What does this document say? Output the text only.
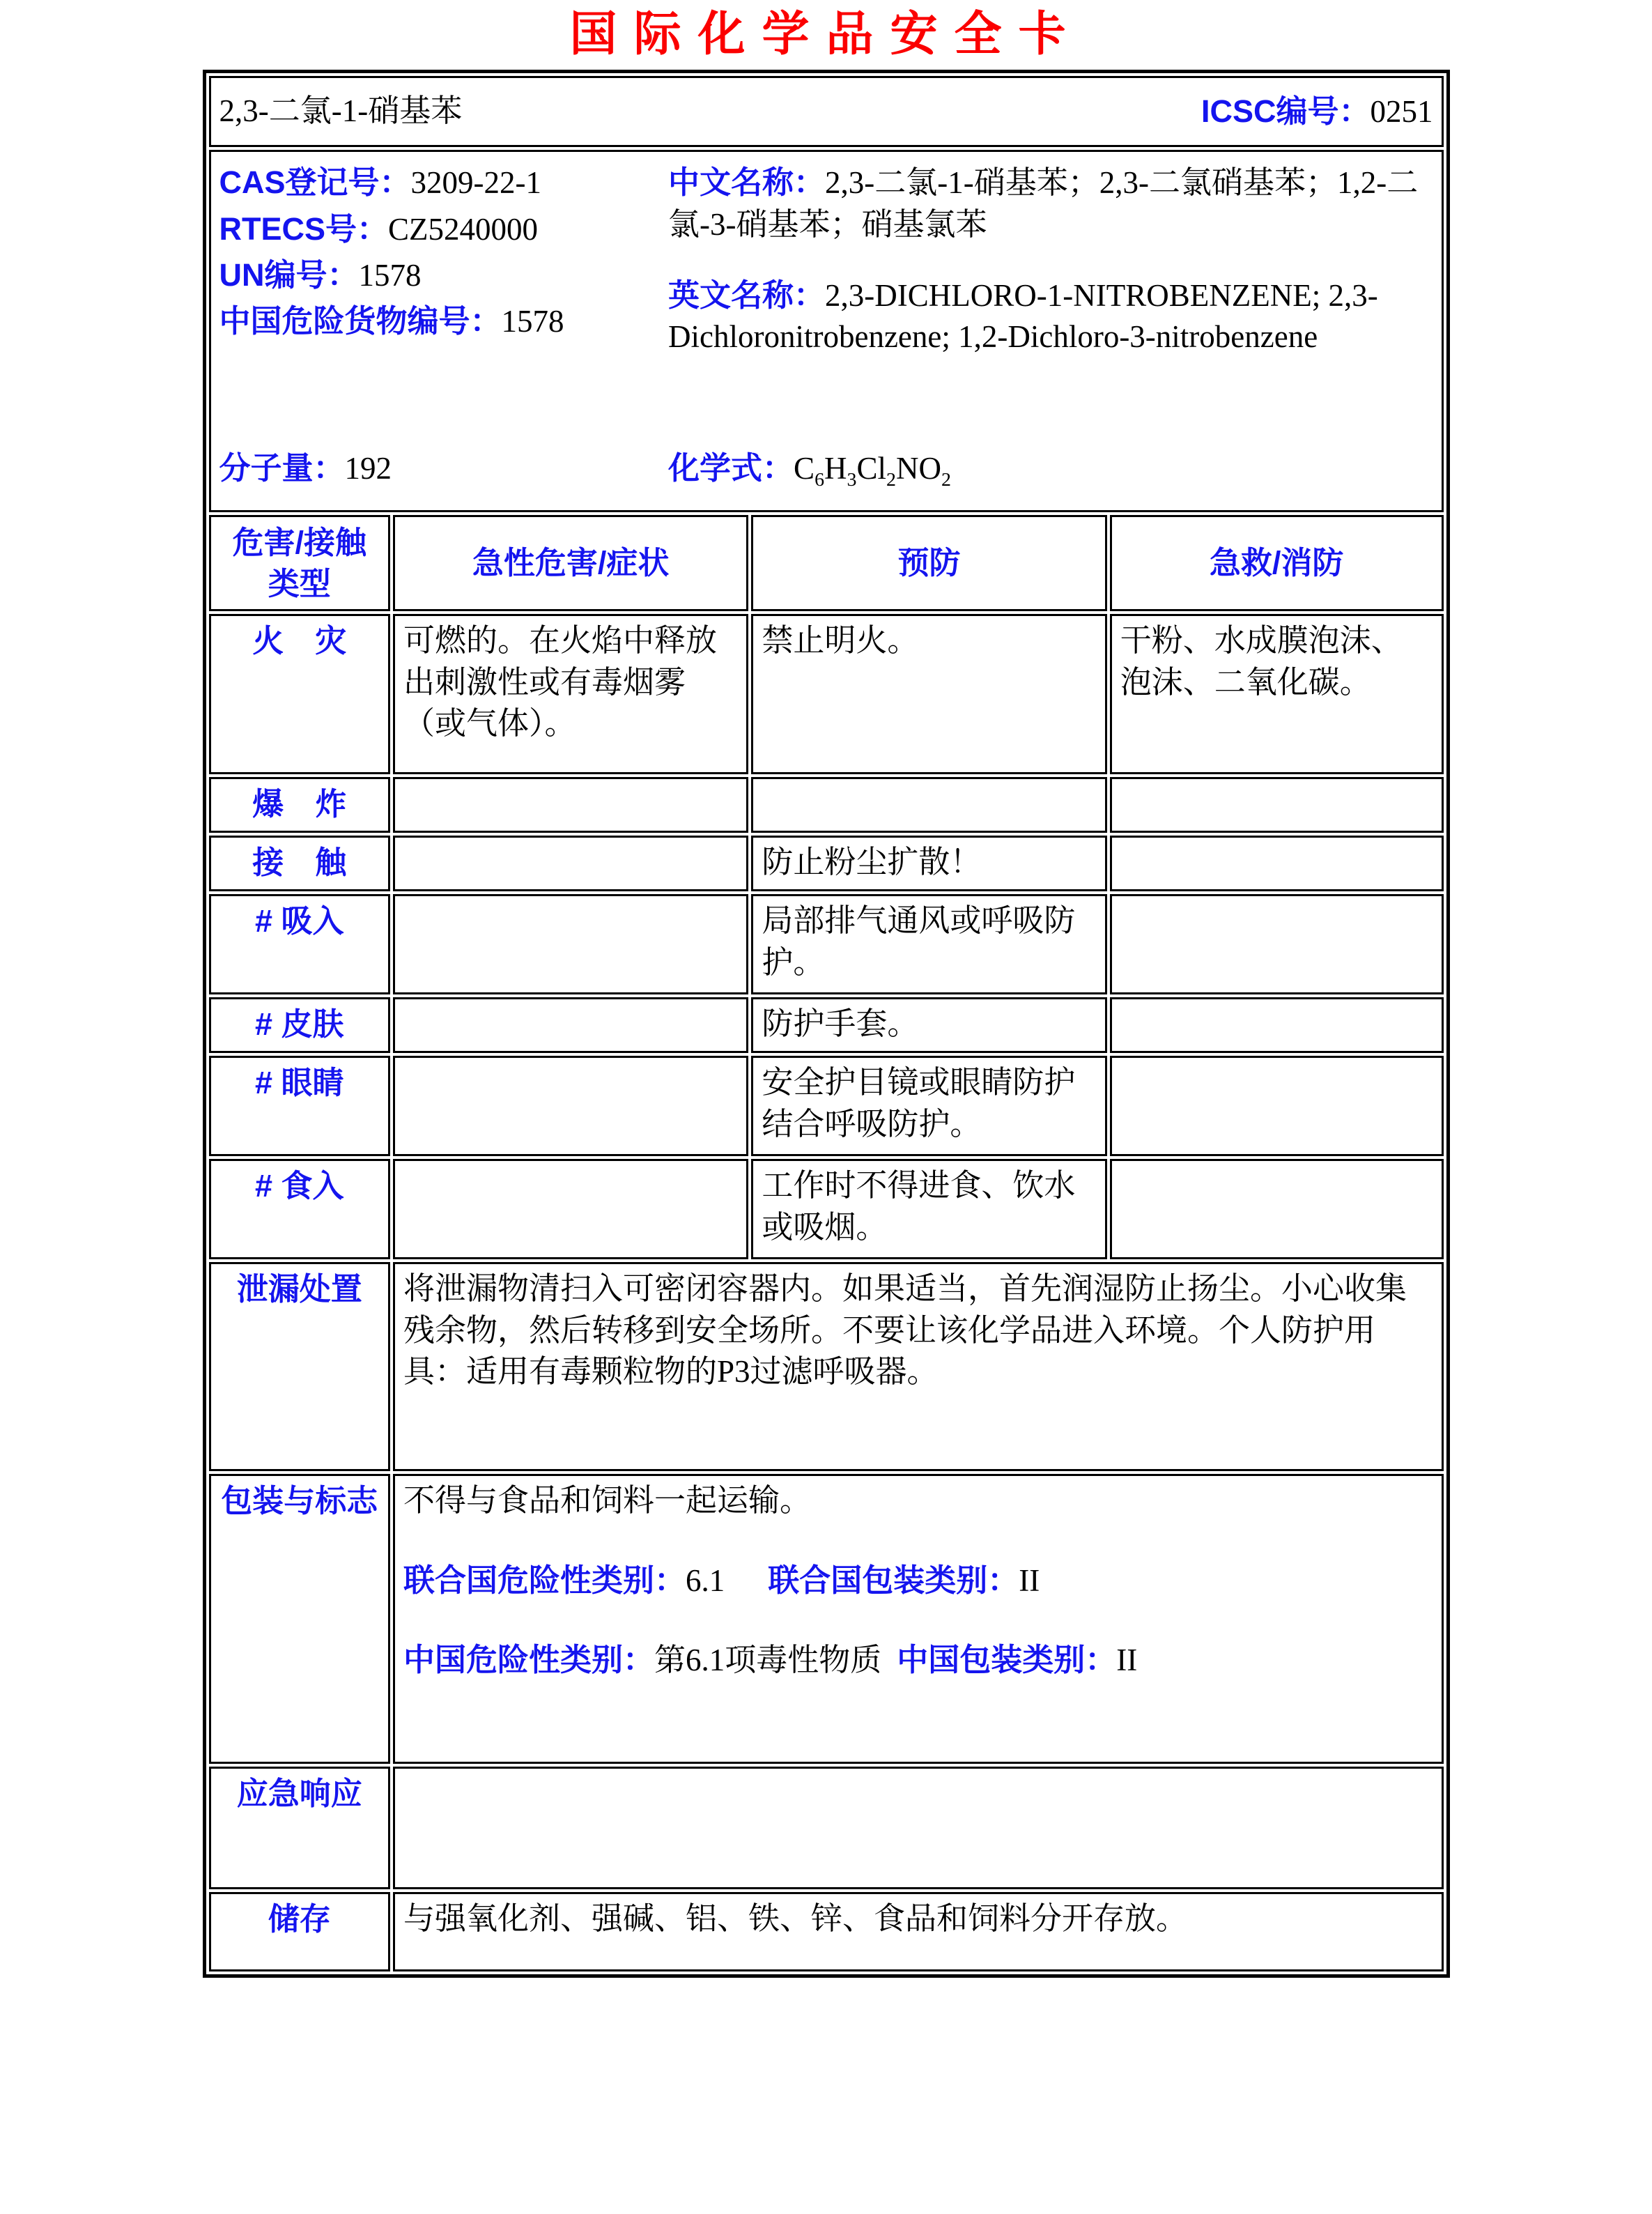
国际化学品安全卡
2,3-二氯-1-硝基苯 ICSC编号：0251			

CAS登记号：3209-22-1
RTECS号：CZ5240000
UN编号：1578
中国危险货物编号：1578
分子量：192
中文名称：2,3-二氯-1-硝基苯；2,3-二氯硝基苯；1,2-二氯-3-硝基苯；硝基氯苯
英文名称：2,3-DICHLORO-1-NITROBENZENE; 2,3-Dichloronitrobenzene; 1,2-Dichloro-3-nitrobenzene
化学式：$C_6H_3Cl_2NO_2$

危害/接触
类型	急性危害/症状	预防	急救/消防

火　灾	可燃的。在火焰中释放出刺激性或有毒烟雾（或气体）。	禁止明火。	干粉、水成膜泡沫、泡沫、二氧化碳。
爆　炸			
接　触		防止粉尘扩散！	
# 吸入		局部排气通风或呼吸防护。	
# 皮肤		防护手套。	
# 眼睛		安全护目镜或眼睛防护结合呼吸防护。	
# 食入		工作时不得进食、饮水或吸烟。	
泄漏处置	将泄漏物清扫入可密闭容器内。如果适当，首先润湿防止扬尘。小心收集残余物，然后转移到安全场所。不要让该化学品进入环境。个人防护用具：适用有毒颗粒物的P3过滤呼吸器。		
包装与标志	不得与食品和饲料一起运输。
联合国危险性类别：6.1 联合国包装类别：II
中国危险性类别：第6.1项毒性物质 中国包装类别：II		

应急响应			
储存	与强氧化剂、强碱、铝、铁、锌、食品和饲料分开存放。		
